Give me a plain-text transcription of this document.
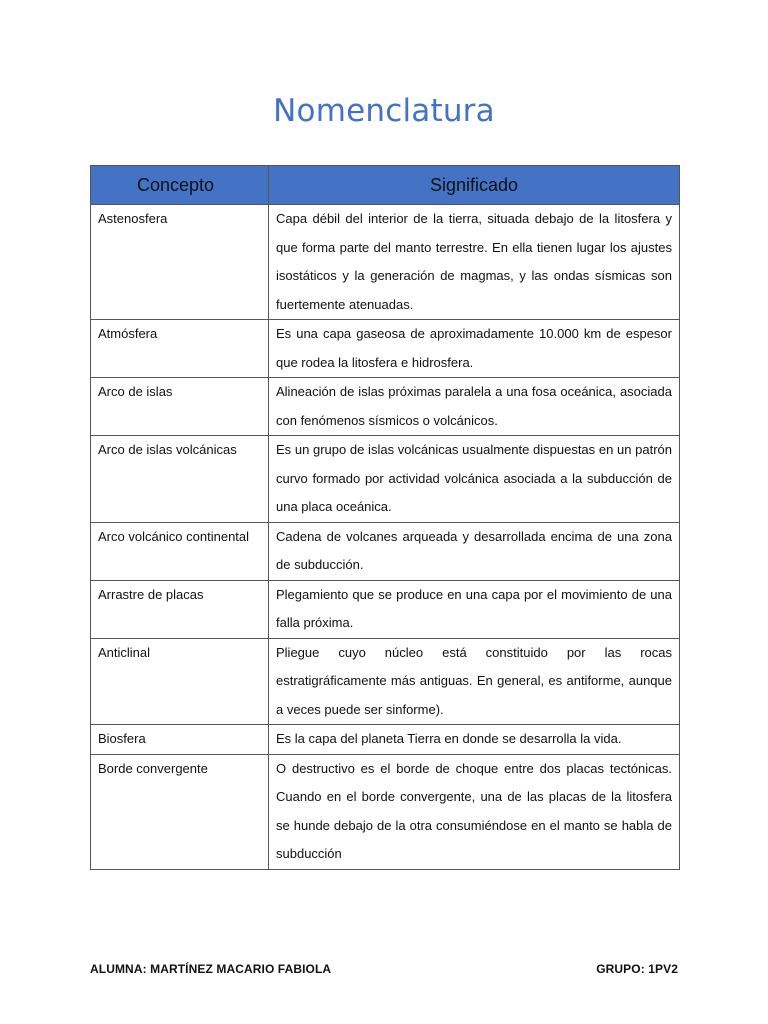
Nomenclatura
Concepto	Significado
Astenosfera	Capa débil del interior de la tierra, situada debajo de la litosfera y que forma parte del manto terrestre. En ella tienen lugar los ajustes isostáticos y la generación de magmas, y las ondas sísmicas son fuertemente atenuadas.
Atmósfera	Es una capa gaseosa de aproximadamente 10.000 km de espesor que rodea la litosfera e hidrosfera.
Arco de islas	Alineación de islas próximas paralela a una fosa oceánica, asociada con fenómenos sísmicos o volcánicos.
Arco de islas volcánicas	Es un grupo de islas volcánicas usualmente dispuestas en un patrón curvo formado por actividad volcánica asociada a la subducción de una placa oceánica.
Arco volcánico continental	Cadena de volcanes arqueada y desarrollada encima de una zona de subducción.
Arrastre de placas	Plegamiento que se produce en una capa por el movimiento de una falla próxima.
Anticlinal	Pliegue cuyo núcleo está constituido por las rocas estratigráficamente más antiguas. En general, es antiforme, aunque a veces puede ser sinforme).
Biosfera	Es la capa del planeta Tierra en donde se desarrolla la vida.
Borde convergente	O destructivo es el borde de choque entre dos placas tectónicas. Cuando en el borde convergente, una de las placas de la litosfera se hunde debajo de la otra consumiéndose en el manto se habla de subducción
ALUMNA: MARTÍNEZ MACARIO FABIOLA	GRUPO: 1PV2
